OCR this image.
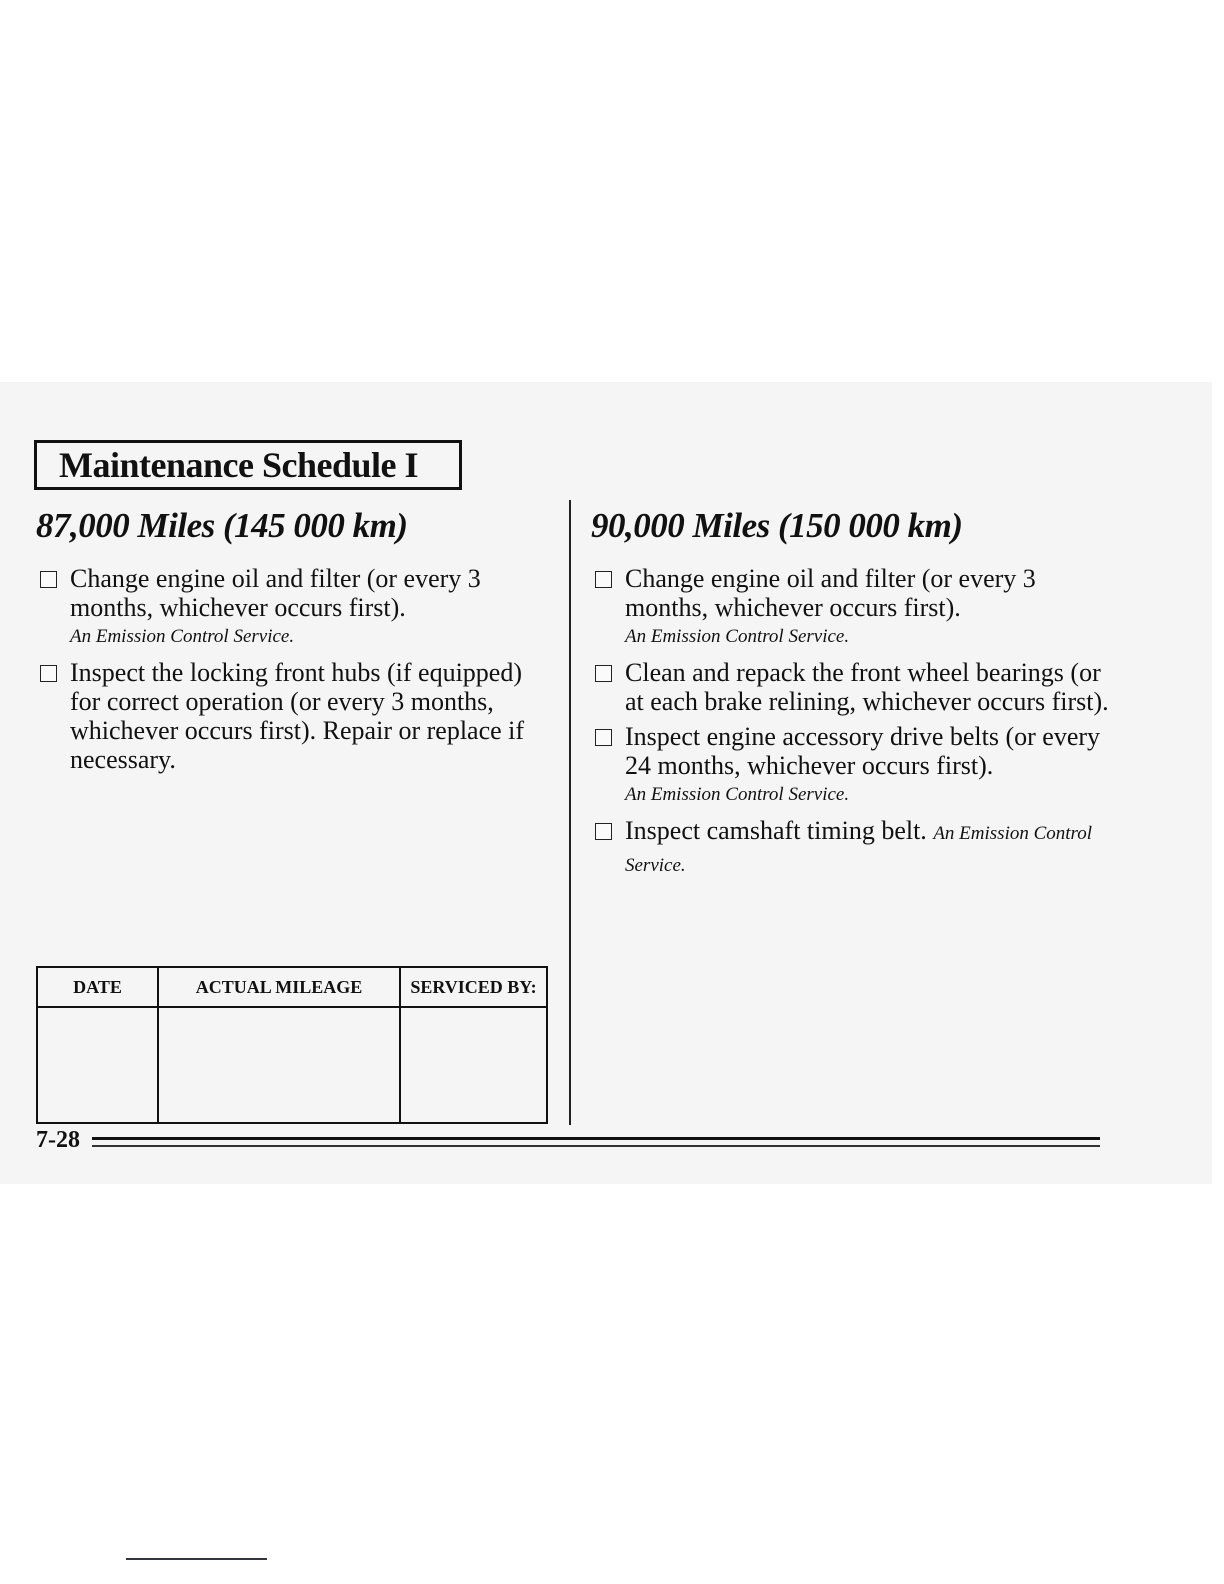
Maintenance Schedule I
87,000 Miles (145 000 km)
Change engine oil and filter (or every 3 months, whichever occurs first).
An Emission Control Service.
Inspect the locking front hubs (if equipped) for correct operation (or every 3 months, whichever occurs first). Repair or replace if necessary.
DATE	ACTUAL MILEAGE	SERVICED BY:

90,000 Miles (150 000 km)
Change engine oil and filter (or every 3 months, whichever occurs first).
An Emission Control Service.
Clean and repack the front wheel bearings (or at each brake relining, whichever occurs first).
Inspect engine accessory drive belts (or every 24 months, whichever occurs first).
An Emission Control Service.
Inspect camshaft timing belt. An Emission Control Service.
7-28
